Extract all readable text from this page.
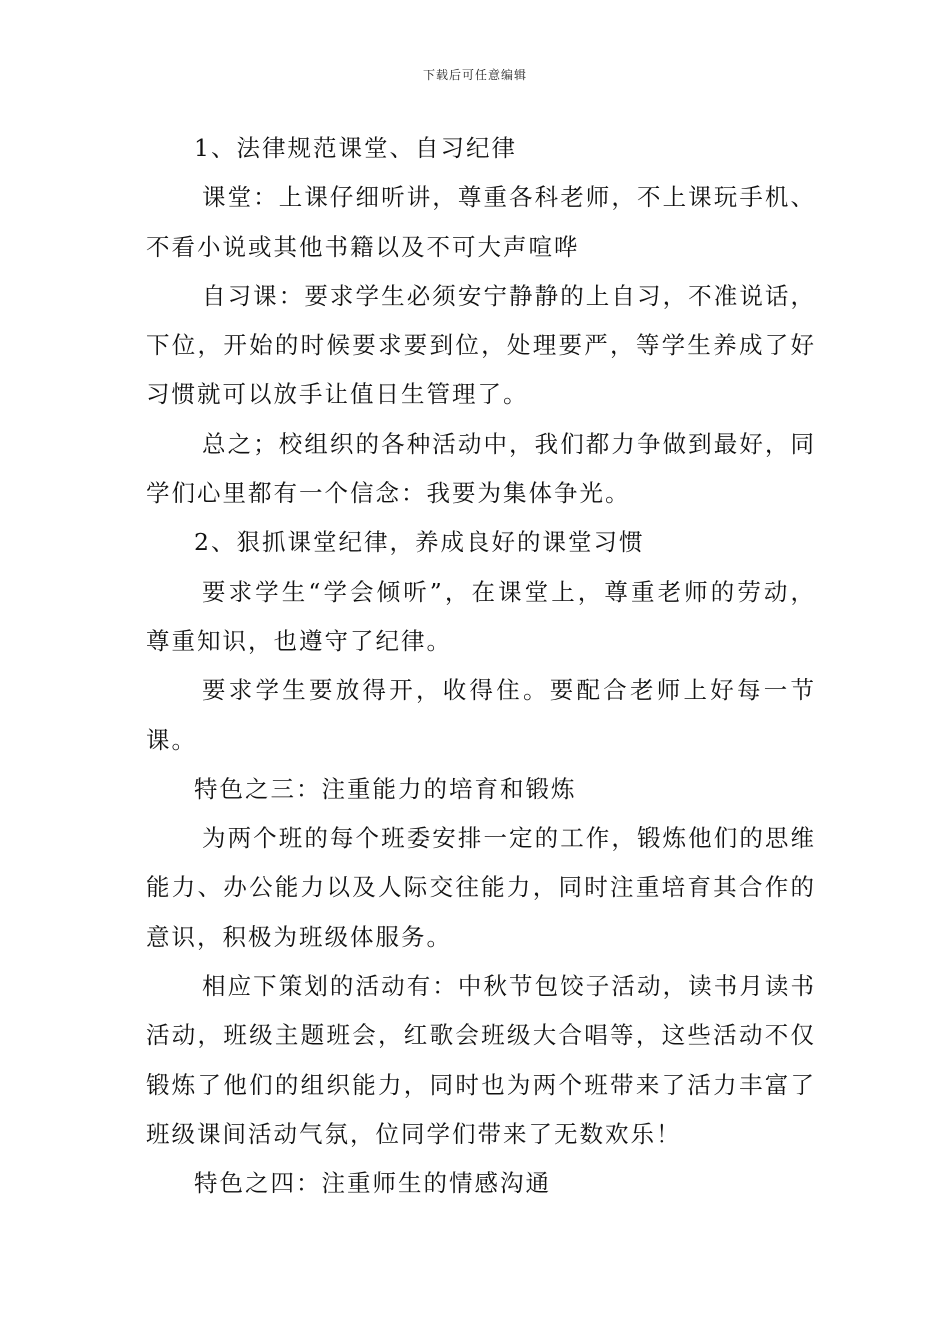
下载后可任意编辑

1、法律规范课堂、自习纪律

课堂：上课仔细听讲，尊重各科老师，不上课玩手机、不看小说或其他书籍以及不可大声喧哗

自习课：要求学生必须安宁静静的上自习，不准说话，下位，开始的时候要求要到位，处理要严，等学生养成了好习惯就可以放手让值日生管理了。

总之；校组织的各种活动中，我们都力争做到最好，同学们心里都有一个信念：我要为集体争光。

2、狠抓课堂纪律，养成良好的课堂习惯

要求学生“学会倾听”，在课堂上，尊重老师的劳动，尊重知识，也遵守了纪律。

要求学生要放得开，收得住。要配合老师上好每一节课。

特色之三：注重能力的培育和锻炼

为两个班的每个班委安排一定的工作，锻炼他们的思维能力、办公能力以及人际交往能力，同时注重培育其合作的意识，积极为班级体服务。

相应下策划的活动有：中秋节包饺子活动，读书月读书活动，班级主题班会，红歌会班级大合唱等，这些活动不仅锻炼了他们的组织能力，同时也为两个班带来了活力丰富了班级课间活动气氛，位同学们带来了无数欢乐！

特色之四：注重师生的情感沟通
